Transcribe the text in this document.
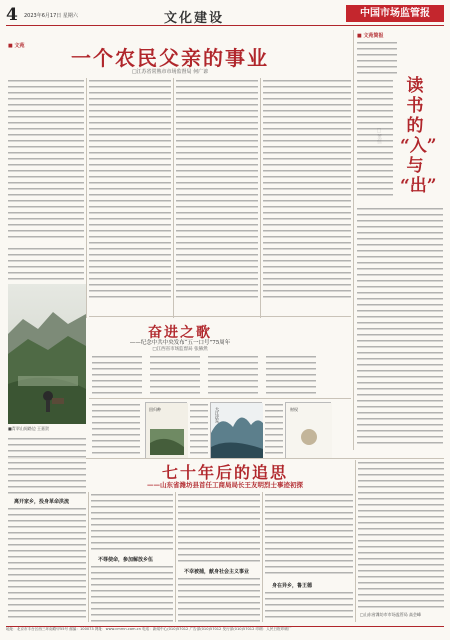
4 2023年6月17日 星期六	文化建设	中国市场监管报
■ 文苑	一个农民父亲的事业
□江苏省常熟市市场监督局 何广谚
■青翠山间路边 王嘉贺
■ 文苑简报
读
书
的
“入”
与
“出”
奋进之歌
——纪念中共中央发布“五一口号”75周年
□江西省市场监督局 张赫然
回归种	大江泛东	财权
七十年后的追思
——山东省潍坊县首任工商局局长王友明烈士事迹初探
离开家乡，投身革命洪流
不辱使命，参加解放乡伍
不幸被捕，献身社会主义事业
身在异乡，鲁王德
□山东省潍坊市市场监管局 高会峰
地址：北京市丰台区西三环南路甲55号 邮编：100073 网址：www.cmrnn.com.cn 电话：新闻中心(010)57012 广告部(010)57012 发行部(010)57012 印刷：人民日报印刷厂
